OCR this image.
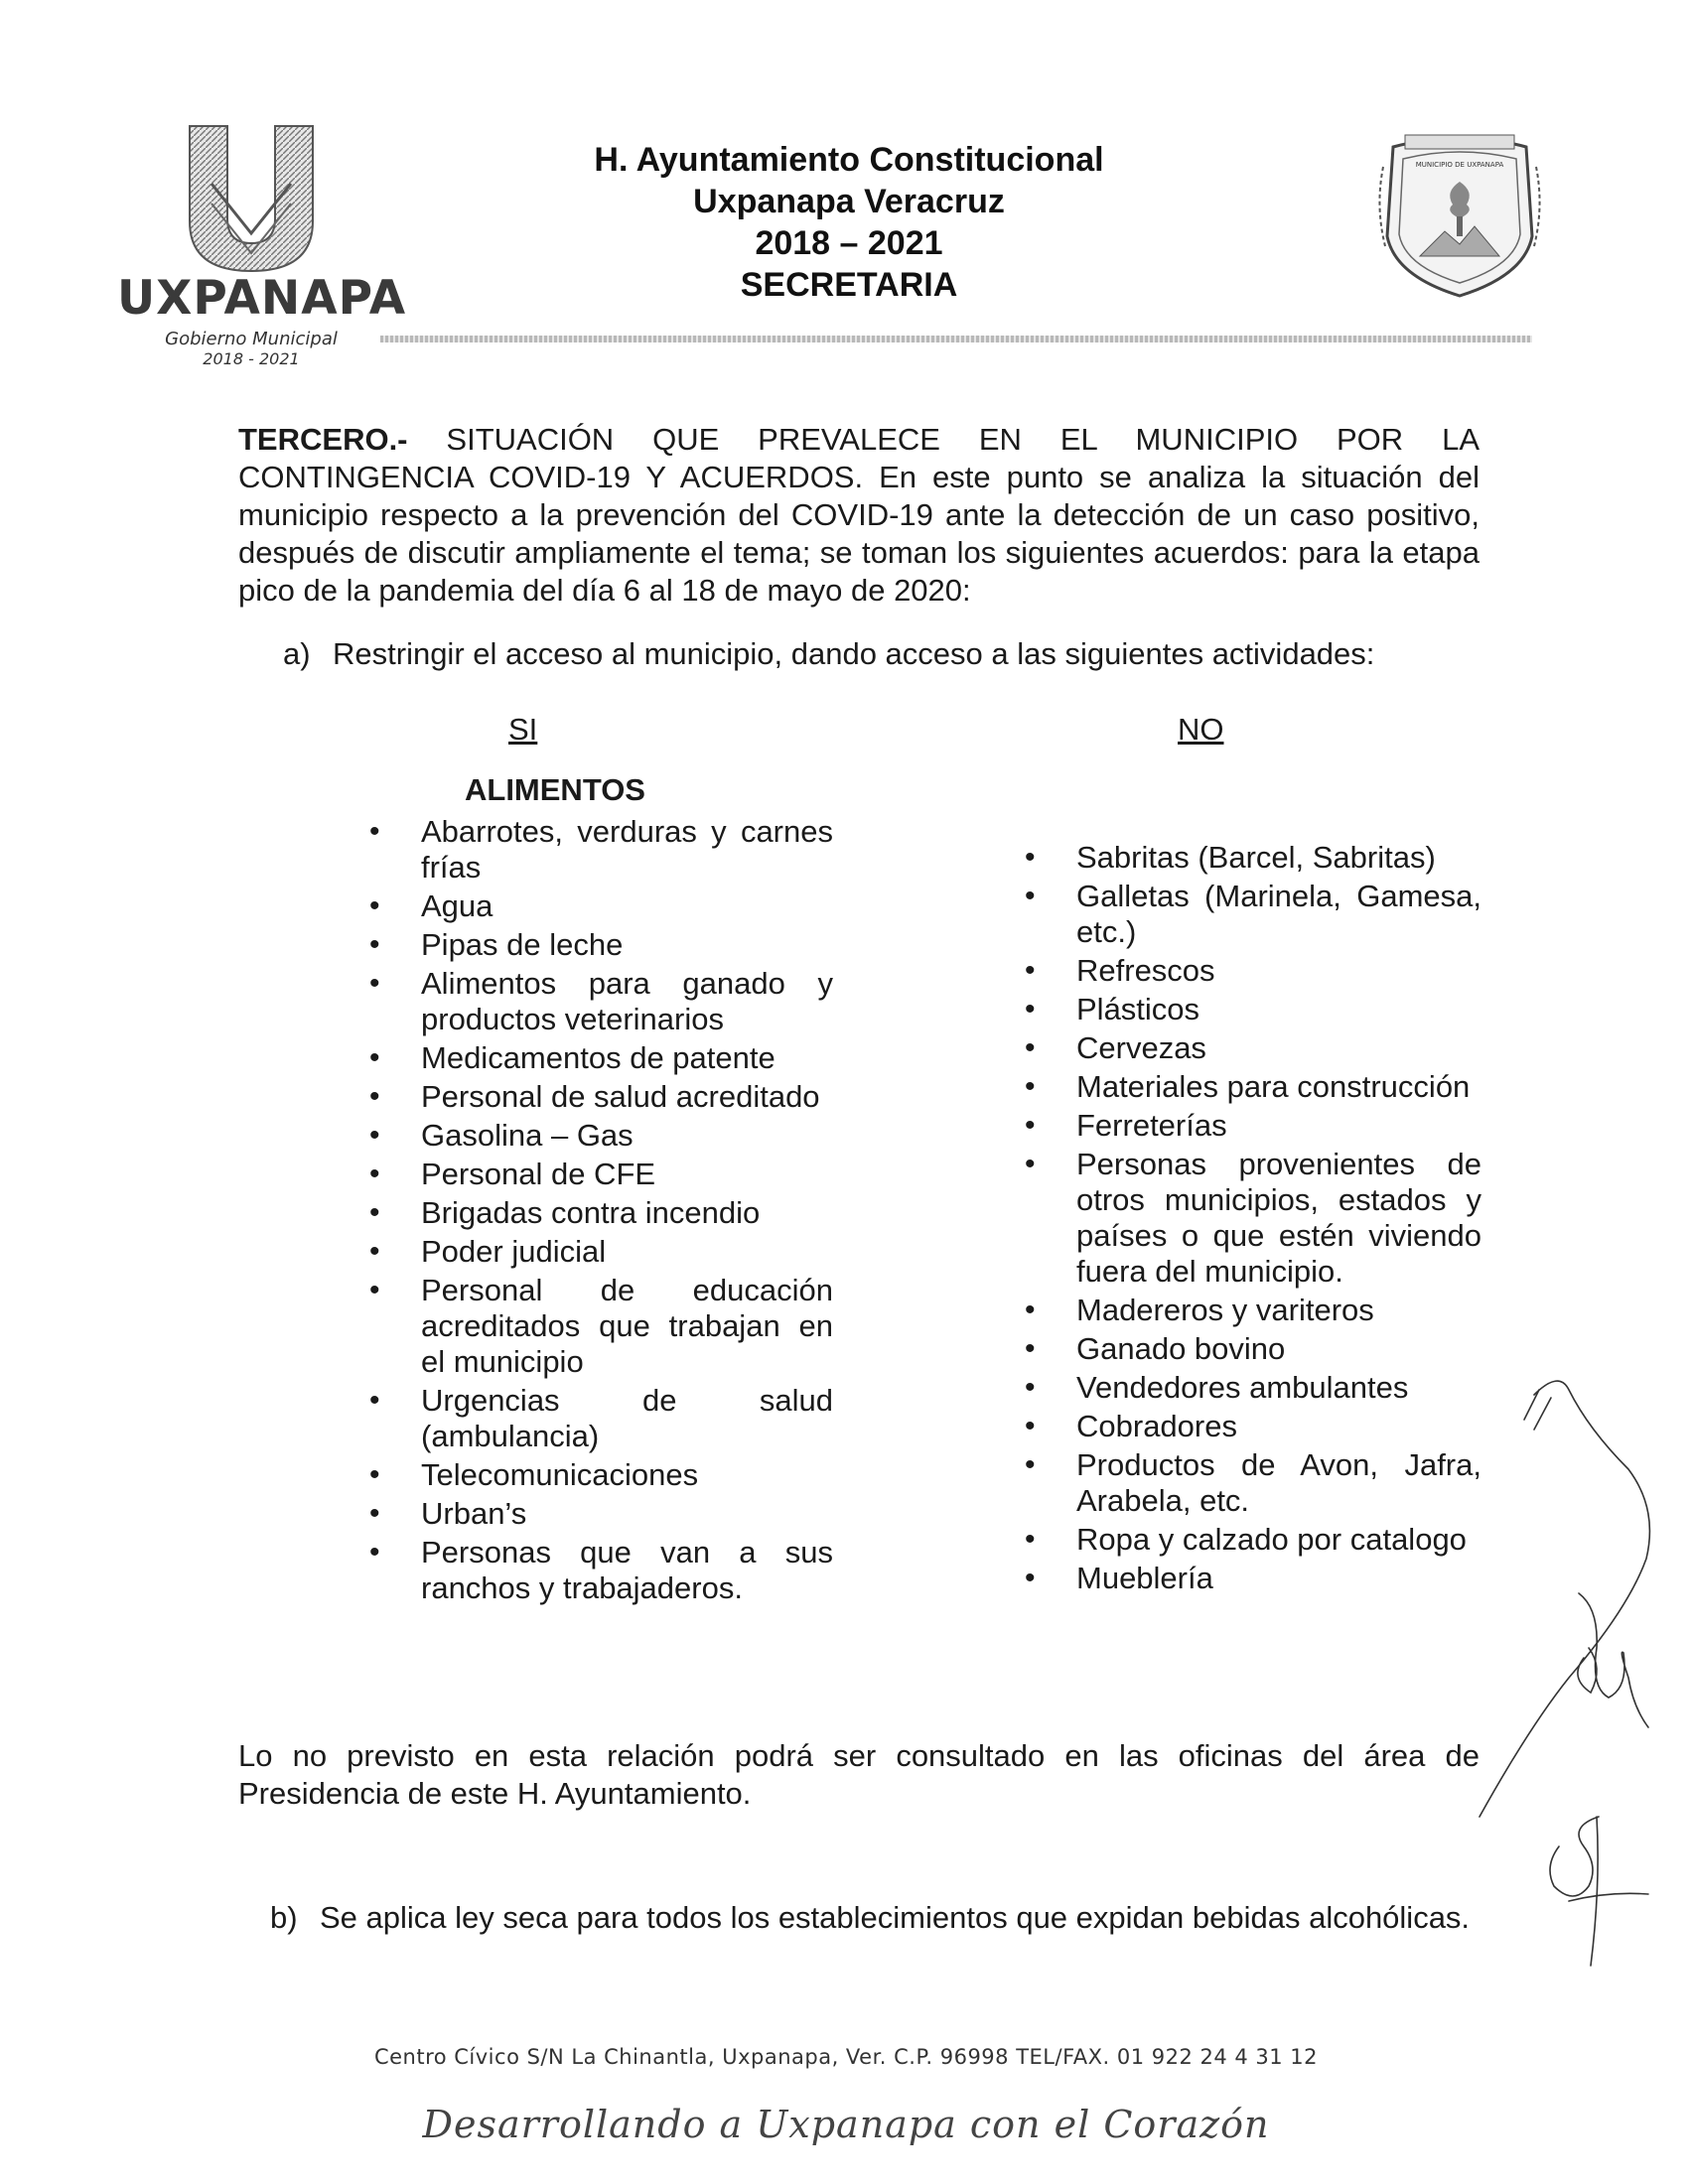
UXPANAPA
Gobierno Municipal
2018 - 2021
H. Ayuntamiento Constitucional
Uxpanapa Veracruz
2018 – 2021
SECRETARIA
MUNICIPIO DE UXPANAPA
TERCERO.- SITUACIÓN QUE PREVALECE EN EL MUNICIPIO POR LA CONTINGENCIA COVID-19 Y ACUERDOS. En este punto se analiza la situación del municipio respecto a la prevención del COVID-19 ante la detección de un caso positivo, después de discutir ampliamente el tema; se toman los siguientes acuerdos: para la etapa pico de la pandemia del día 6 al 18 de mayo de 2020:
a) Restringir el acceso al municipio, dando acceso a las siguientes actividades:
SI	NO
ALIMENTOS
• Abarrotes, verduras y carnes frías
• Agua
• Pipas de leche
• Alimentos para ganado y productos veterinarios
• Medicamentos de patente
• Personal de salud acreditado
• Gasolina – Gas
• Personal de CFE
• Brigadas contra incendio
• Poder judicial
• Personal de educación acreditados que trabajan en el municipio
• Urgencias de salud (ambulancia)
• Telecomunicaciones
• Urban’s
• Personas que van a sus ranchos y trabajaderos.
• Sabritas (Barcel, Sabritas)
• Galletas (Marinela, Gamesa, etc.)
• Refrescos
• Plásticos
• Cervezas
• Materiales para construcción
• Ferreterías
• Personas provenientes de otros municipios, estados y países o que estén viviendo fuera del municipio.
• Madereros y variteros
• Ganado bovino
• Vendedores ambulantes
• Cobradores
• Productos de Avon, Jafra, Arabela, etc.
• Ropa y calzado por catalogo
• Mueblería
Lo no previsto en esta relación podrá ser consultado en las oficinas del área de Presidencia de este H. Ayuntamiento.
b) Se aplica ley seca para todos los establecimientos que expidan bebidas alcohólicas.
Centro Cívico S/N La Chinantla, Uxpanapa, Ver. C.P. 96998 TEL/FAX. 01 922 24 4 31 12
Desarrollando a Uxpanapa con el Corazón
